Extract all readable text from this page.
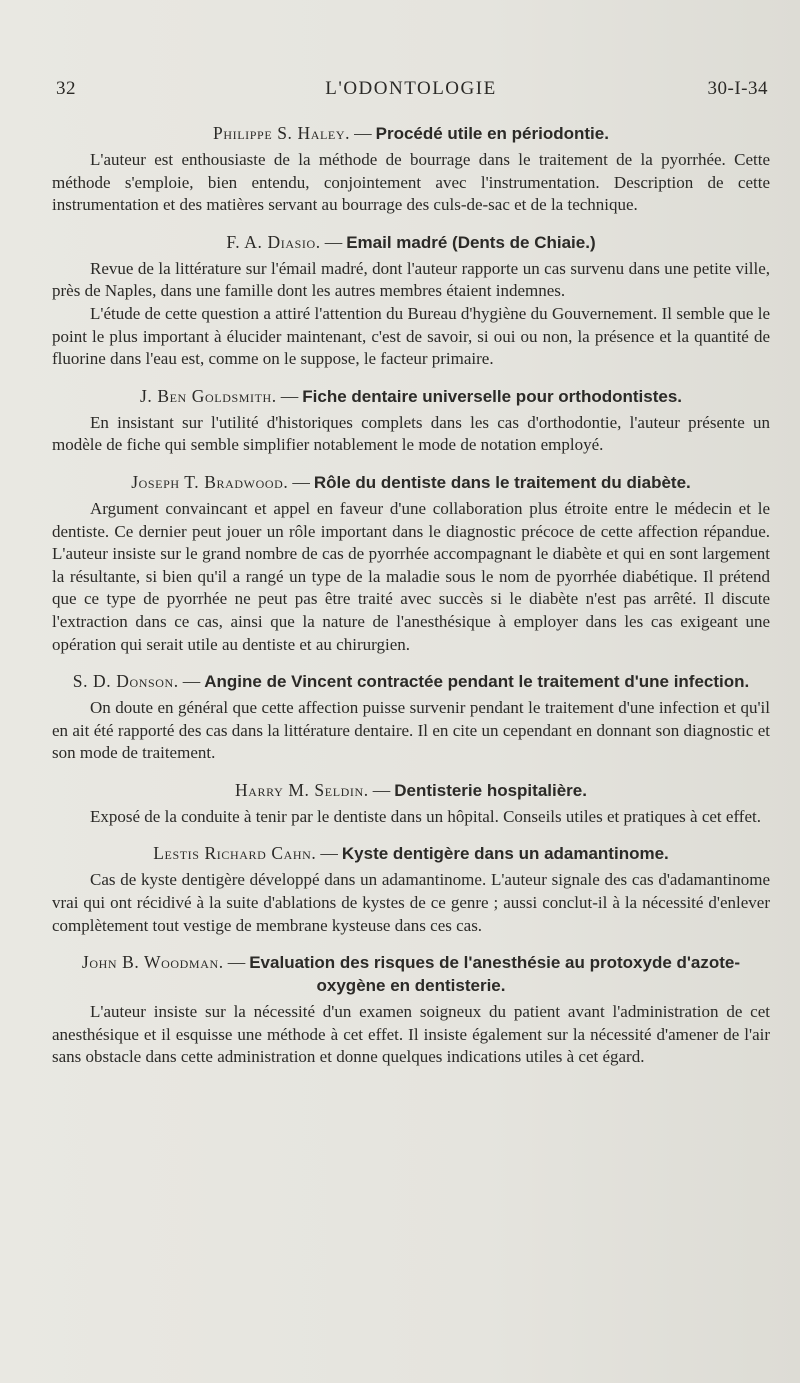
32	L'ODONTOLOGIE	30-I-34
Philippe S. Haley. — Procédé utile en périodontie.

L'auteur est enthousiaste de la méthode de bourrage dans le traitement de la pyorrhée. Cette méthode s'emploie, bien entendu, conjointement avec l'instrumentation. Description de cette instrumentation et des matières servant au bourrage des culs-de-sac et de la technique.

F. A. Diasio. — Email madré (Dents de Chiaie.)

Revue de la littérature sur l'émail madré, dont l'auteur rapporte un cas survenu dans une petite ville, près de Naples, dans une famille dont les autres membres étaient indemnes.

L'étude de cette question a attiré l'attention du Bureau d'hygiène du Gouvernement. Il semble que le point le plus important à élucider maintenant, c'est de savoir, si oui ou non, la présence et la quantité de fluorine dans l'eau est, comme on le suppose, le facteur primaire.

J. Ben Goldsmith. — Fiche dentaire universelle pour orthodontistes.

En insistant sur l'utilité d'historiques complets dans les cas d'orthodontie, l'auteur présente un modèle de fiche qui semble simplifier notablement le mode de notation employé.

Joseph T. Bradwood. — Rôle du dentiste dans le traitement du diabète.

Argument convaincant et appel en faveur d'une collaboration plus étroite entre le médecin et le dentiste. Ce dernier peut jouer un rôle important dans le diagnostic précoce de cette affection répandue. L'auteur insiste sur le grand nombre de cas de pyorrhée accompagnant le diabète et qui en sont largement la résultante, si bien qu'il a rangé un type de la maladie sous le nom de pyorrhée diabétique. Il prétend que ce type de pyorrhée ne peut pas être traité avec succès si le diabète n'est pas arrêté. Il discute l'extraction dans ce cas, ainsi que la nature de l'anesthésique à employer dans les cas exigeant une opération qui serait utile au dentiste et au chirurgien.

S. D. Donson. — Angine de Vincent contractée pendant le traitement d'une infection.

On doute en général que cette affection puisse survenir pendant le traitement d'une infection et qu'il en ait été rapporté des cas dans la littérature dentaire. Il en cite un cependant en donnant son diagnostic et son mode de traitement.

Harry M. Seldin. — Dentisterie hospitalière.

Exposé de la conduite à tenir par le dentiste dans un hôpital. Conseils utiles et pratiques à cet effet.

Lestis Richard Cahn. — Kyste dentigère dans un adamantinome.

Cas de kyste dentigère développé dans un adamantinome. L'auteur signale des cas d'adamantinome vrai qui ont récidivé à la suite d'ablations de kystes de ce genre ; aussi conclut-il à la nécessité d'enlever complètement tout vestige de membrane kysteuse dans ces cas.

John B. Woodman. — Evaluation des risques de l'anesthésie au protoxyde d'azote-oxygène en dentisterie.

L'auteur insiste sur la nécessité d'un examen soigneux du patient avant l'administration de cet anesthésique et il esquisse une méthode à cet effet. Il insiste également sur la nécessité d'amener de l'air sans obstacle dans cette administration et donne quelques indications utiles à cet égard.
